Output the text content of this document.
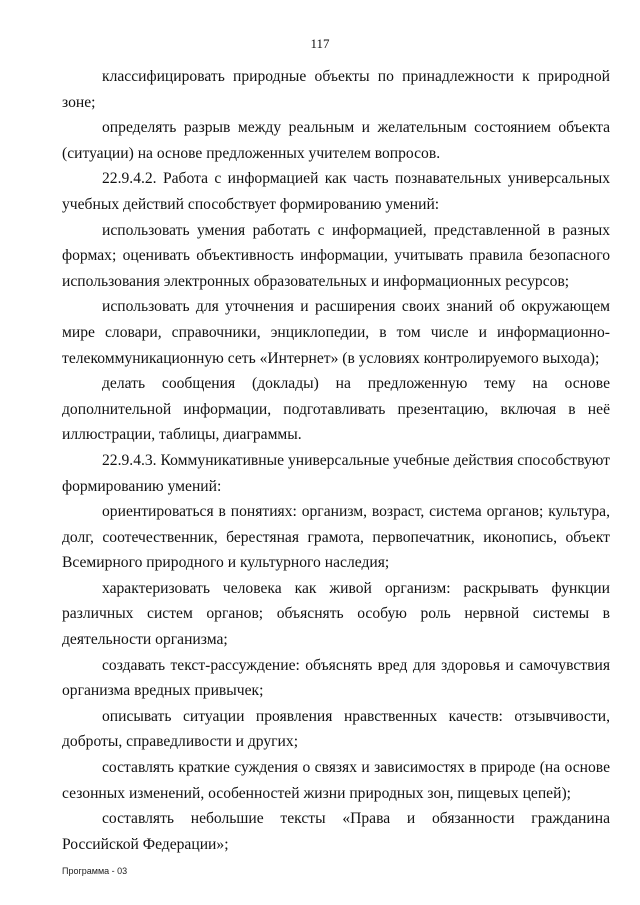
117

классифицировать природные объекты по принадлежности к природной зоне;

определять разрыв между реальным и желательным состоянием объекта (ситуации) на основе предложенных учителем вопросов.

22.9.4.2. Работа с информацией как часть познавательных универсальных учебных действий способствует формированию умений:

использовать умения работать с информацией, представленной в разных формах; оценивать объективность информации, учитывать правила безопасного использования электронных образовательных и информационных ресурсов;

использовать для уточнения и расширения своих знаний об окружающем мире словари, справочники, энциклопедии, в том числе и информационно-телекоммуникационную сеть «Интернет» (в условиях контролируемого выхода);

делать сообщения (доклады) на предложенную тему на основе дополнительной информации, подготавливать презентацию, включая в неё иллюстрации, таблицы, диаграммы.

22.9.4.3. Коммуникативные универсальные учебные действия способствуют формированию умений:

ориентироваться в понятиях: организм, возраст, система органов; культура, долг, соотечественник, берестяная грамота, первопечатник, иконопись, объект Всемирного природного и культурного наследия;

характеризовать человека как живой организм: раскрывать функции различных систем органов; объяснять особую роль нервной системы в деятельности организма;

создавать текст-рассуждение: объяснять вред для здоровья и самочувствия организма вредных привычек;

описывать ситуации проявления нравственных качеств: отзывчивости, доброты, справедливости и других;

составлять краткие суждения о связях и зависимостях в природе (на основе сезонных изменений, особенностей жизни природных зон, пищевых цепей);

составлять небольшие тексты «Права и обязанности гражданина Российской Федерации»;

Программа - 03
